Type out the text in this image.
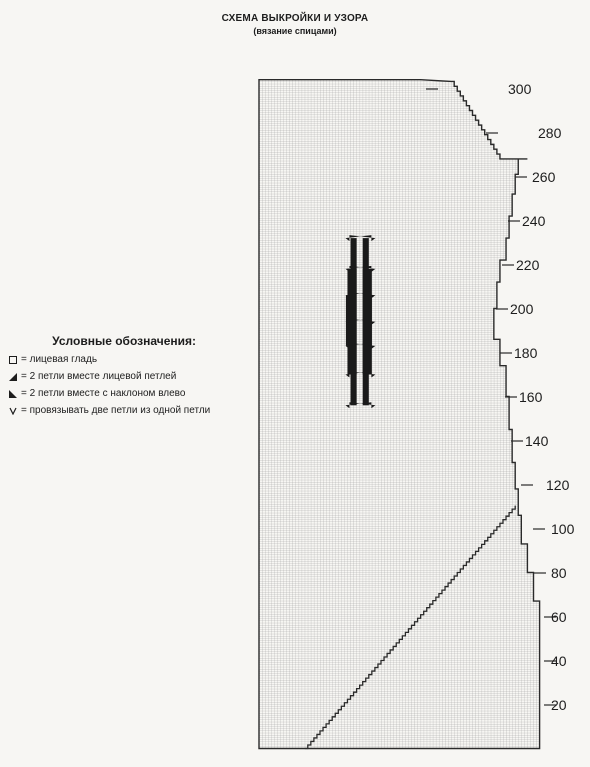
СХЕМА ВЫКРОЙКИ И УЗОРА
(вязание спицами)
Условные обозначения:
= лицевая гладь
= 2 петли вместе лицевой петлей
= 2 петли вместе с наклоном влево
= провязывать две петли из одной петли
20
40
60
80
100
120
140
160
180
200
220
240
260
280
300
